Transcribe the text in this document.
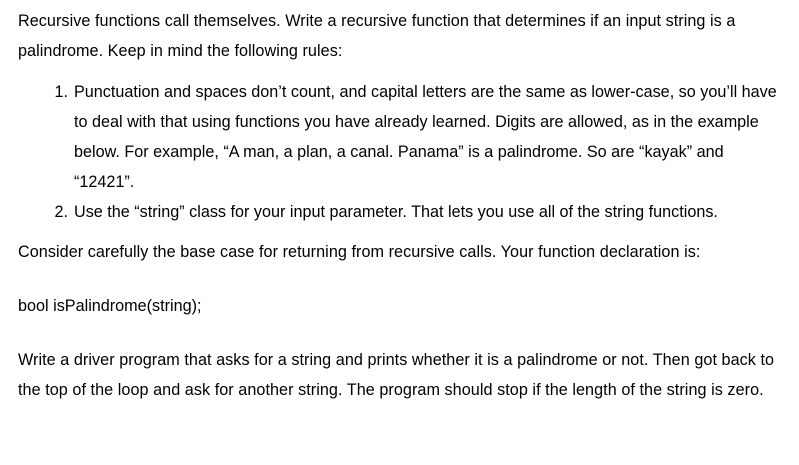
Recursive functions call themselves. Write a recursive function that determines if an input string is a palindrome. Keep in mind the following rules:

Punctuation and spaces don’t count, and capital letters are the same as lower-case, so you’ll have to deal with that using functions you have already learned. Digits are allowed, as in the example below. For example, “A man, a plan, a canal. Panama” is a palindrome. So are “kayak” and “12421”.
Use the “string” class for your input parameter. That lets you use all of the string functions.

Consider carefully the base case for returning from recursive calls. Your function declaration is:

bool isPalindrome(string);

Write a driver program that asks for a string and prints whether it is a palindrome or not. Then got back to the top of the loop and ask for another string. The program should stop if the length of the string is zero.
